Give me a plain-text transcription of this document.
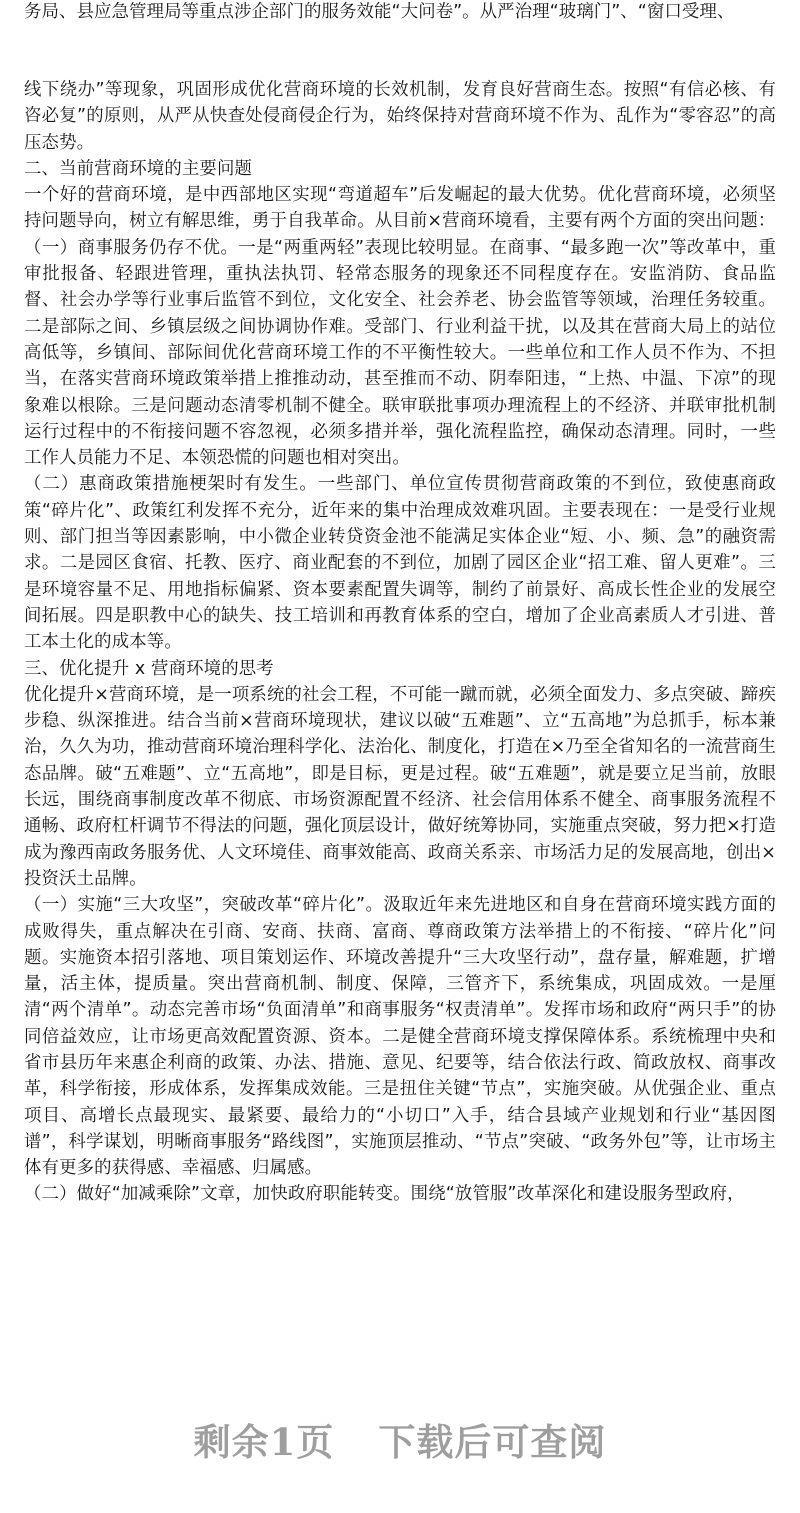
务局、县应急管理局等重点涉企部门的服务效能“大问卷”。从严治理“玻璃门”、“窗口受理、

线下绕办”等现象，巩固形成优化营商环境的长效机制，发育良好营商生态。按照“有信必核、有咨必复”的原则，从严从快查处侵商侵企行为，始终保持对营商环境不作为、乱作为“零容忍”的高压态势。

二、当前营商环境的主要问题

一个好的营商环境，是中西部地区实现“弯道超车”后发崛起的最大优势。优化营商环境，必须坚持问题导向，树立有解思维，勇于自我革命。从目前×营商环境看，主要有两个方面的突出问题：

（一）商事服务仍存不优。一是“两重两轻”表现比较明显。在商事、“最多跑一次”等改革中，重审批报备、轻跟进管理，重执法执罚、轻常态服务的现象还不同程度存在。安监消防、食品监督、社会办学等行业事后监管不到位，文化安全、社会养老、协会监管等领域，治理任务较重。二是部际之间、乡镇层级之间协调协作难。受部门、行业利益干扰，以及其在营商大局上的站位高低等，乡镇间、部际间优化营商环境工作的不平衡性较大。一些单位和工作人员不作为、不担当，在落实营商环境政策举措上推推动动，甚至推而不动、阴奉阳违，“上热、中温、下凉”的现象难以根除。三是问题动态清零机制不健全。联审联批事项办理流程上的不经济、并联审批机制运行过程中的不衔接问题不容忽视，必须多措并举，强化流程监控，确保动态清理。同时，一些工作人员能力不足、本领恐慌的问题也相对突出。

（二）惠商政策措施梗架时有发生。一些部门、单位宣传贯彻营商政策的不到位，致使惠商政策“碎片化”、政策红利发挥不充分，近年来的集中治理成效难巩固。主要表现在：一是受行业规则、部门担当等因素影响，中小微企业转贷资金池不能满足实体企业“短、小、频、急”的融资需求。二是园区食宿、托教、医疗、商业配套的不到位，加剧了园区企业“招工难、留人更难”。三是环境容量不足、用地指标偏紧、资本要素配置失调等，制约了前景好、高成长性企业的发展空间拓展。四是职教中心的缺失、技工培训和再教育体系的空白，增加了企业高素质人才引进、普工本土化的成本等。

三、优化提升 x 营商环境的思考

优化提升×营商环境，是一项系统的社会工程，不可能一蹴而就，必须全面发力、多点突破、蹄疾步稳、纵深推进。结合当前×营商环境现状，建议以破“五难题”、立“五高地”为总抓手，标本兼治，久久为功，推动营商环境治理科学化、法治化、制度化，打造在×乃至全省知名的一流营商生态品牌。破“五难题”、立“五高地”，即是目标，更是过程。破“五难题”，就是要立足当前，放眼长远，围绕商事制度改革不彻底、市场资源配置不经济、社会信用体系不健全、商事服务流程不通畅、政府杠杆调节不得法的问题，强化顶层设计，做好统筹协同，实施重点突破，努力把×打造成为豫西南政务服务优、人文环境佳、商事效能高、政商关系亲、市场活力足的发展高地，创出×投资沃土品牌。

（一）实施“三大攻坚”，突破改革“碎片化”。汲取近年来先进地区和自身在营商环境实践方面的成败得失，重点解决在引商、安商、扶商、富商、尊商政策方法举措上的不衔接、“碎片化”问题。实施资本招引落地、项目策划运作、环境改善提升“三大攻坚行动”，盘存量，解难题，扩增量，活主体，提质量。突出营商机制、制度、保障，三管齐下，系统集成，巩固成效。一是厘清“两个清单”。动态完善市场“负面清单”和商事服务“权责清单”。发挥市场和政府“两只手”的协同倍益效应，让市场更高效配置资源、资本。二是健全营商环境支撑保障体系。系统梳理中央和省市县历年来惠企利商的政策、办法、措施、意见、纪要等，结合依法行政、简政放权、商事改革，科学衔接，形成体系，发挥集成效能。三是扭住关键“节点”，实施突破。从优强企业、重点项目、高增长点最现实、最紧要、最给力的“小切口”入手，结合县域产业规划和行业“基因图谱”，科学谋划，明晰商事服务“路线图”，实施顶层推动、“节点”突破、“政务外包”等，让市场主体有更多的获得感、幸福感、归属感。

（二）做好“加减乘除”文章，加快政府职能转变。围绕“放管服”改革深化和建设服务型政府，

剩余1页 下载后可查阅
